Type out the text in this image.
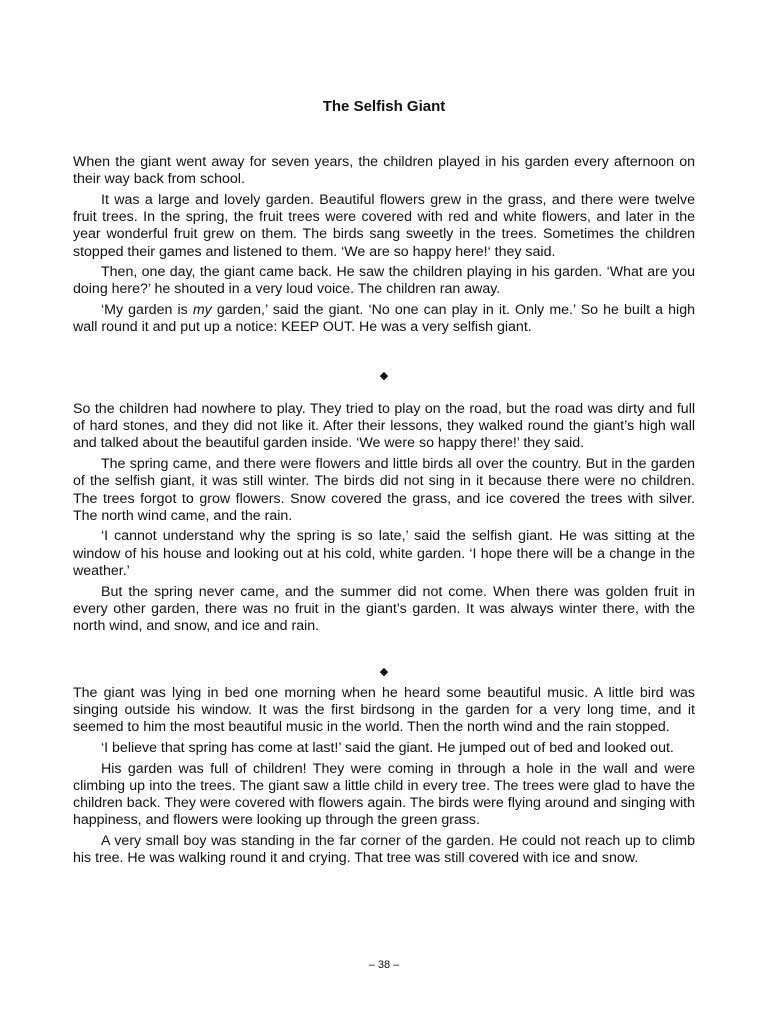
The Selfish Giant

When the giant went away for seven years, the children played in his garden every afternoon on their way back from school.

It was a large and lovely garden. Beautiful flowers grew in the grass, and there were twelve fruit trees. In the spring, the fruit trees were covered with red and white flowers, and later in the year wonderful fruit grew on them. The birds sang sweetly in the trees. Sometimes the children stopped their games and listened to them. ‘We are so happy here!‘ they said.

Then, one day, the giant came back. He saw the children playing in his garden. ‘What are you doing here?’ he shouted in a very loud voice. The children ran away.

‘My garden is my garden,’ said the giant. ‘No one can play in it. Only me.’ So he built a high wall round it and put up a notice: KEEP OUT. He was a very selfish giant.

◆

So the children had nowhere to play. They tried to play on the road, but the road was dirty and full of hard stones, and they did not like it. After their lessons, they walked round the giant’s high wall and talked about the beautiful garden inside. ‘We were so happy there!’ they said.

The spring came, and there were flowers and little birds all over the country. But in the garden of the selfish giant, it was still winter. The birds did not sing in it because there were no children. The trees forgot to grow flowers. Snow covered the grass, and ice covered the trees with silver. The north wind came, and the rain.

‘I cannot understand why the spring is so late,’ said the selfish giant. He was sitting at the window of his house and looking out at his cold, white garden. ‘I hope there will be a change in the weather.’

But the spring never came, and the summer did not come. When there was golden fruit in every other garden, there was no fruit in the giant’s garden. It was always winter there, with the north wind, and snow, and ice and rain.

◆

The giant was lying in bed one morning when he heard some beautiful music. A little bird was singing outside his window. It was the first birdsong in the garden for a very long time, and it seemed to him the most beautiful music in the world. Then the north wind and the rain stopped.

‘I believe that spring has come at last!’ said the giant. He jumped out of bed and looked out.

His garden was full of children! They were coming in through a hole in the wall and were climbing up into the trees. The giant saw a little child in every tree. The trees were glad to have the children back. They were covered with flowers again. The birds were flying around and singing with happiness, and flowers were looking up through the green grass.

A very small boy was standing in the far corner of the garden. He could not reach up to climb his tree. He was walking round it and crying. That tree was still covered with ice and snow.

– 38 –
